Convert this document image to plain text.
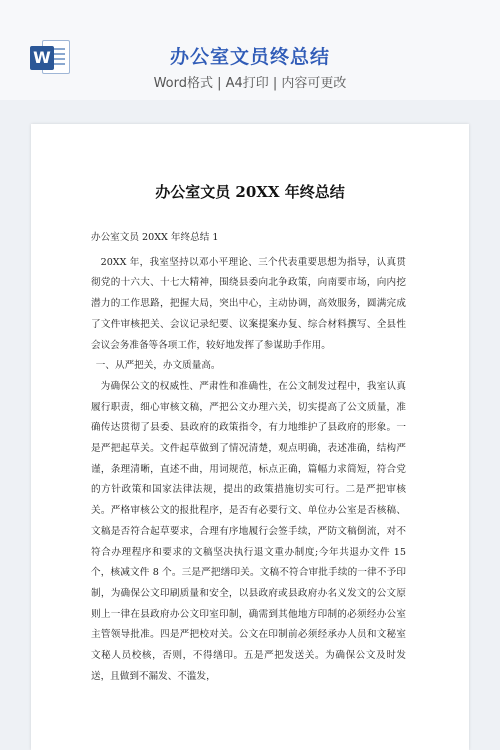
W	办公室文员终总结
Word格式 | A4打印 | 内容可更改
办公室文员 20XX 年终总结

办公室文员 20XX 年终总结 1

20XX 年，我室坚持以邓小平理论、三个代表重要思想为指导，认真贯彻党的十六大、十七大精神，围绕县委向北争政策，向南要市场，向内挖潜力的工作思路，把握大局，突出中心，主动协调，高效服务，圆满完成了文件审核把关、会议记录纪要、议案提案办复、综合材料撰写、全县性会议会务准备等各项工作，较好地发挥了参谋助手作用。

一、从严把关，办文质量高。

为确保公文的权威性、严肃性和准确性，在公文制发过程中，我室认真履行职责，细心审核文稿，严把公文办理六关，切实提高了公文质量，准确传达贯彻了县委、县政府的政策指令，有力地维护了县政府的形象。一是严把起草关。文件起草做到了情况清楚，观点明确，表述准确，结构严谨，条理清晰，直述不曲，用词规范，标点正确，篇幅力求简短，符合党的方针政策和国家法律法规，提出的政策措施切实可行。二是严把审核关。严格审核公文的报批程序，是否有必要行文、单位办公室是否核稿、文稿是否符合起草要求，合理有序地履行会签手续，严防文稿倒流，对不符合办理程序和要求的文稿坚决执行退文重办制度;今年共退办文件 15 个，核减文件 8 个。三是严把缮印关。文稿不符合审批手续的一律不予印制，为确保公文印刷质量和安全，以县政府或县政府办名义发文的公文原则上一律在县政府办公文印室印制，确需到其他地方印制的必须经办公室主管领导批准。四是严把校对关。公文在印制前必须经承办人员和文秘室文秘人员校核，否则，不得缮印。五是严把发送关。为确保公文及时发送，且做到不漏发、不滥发，
